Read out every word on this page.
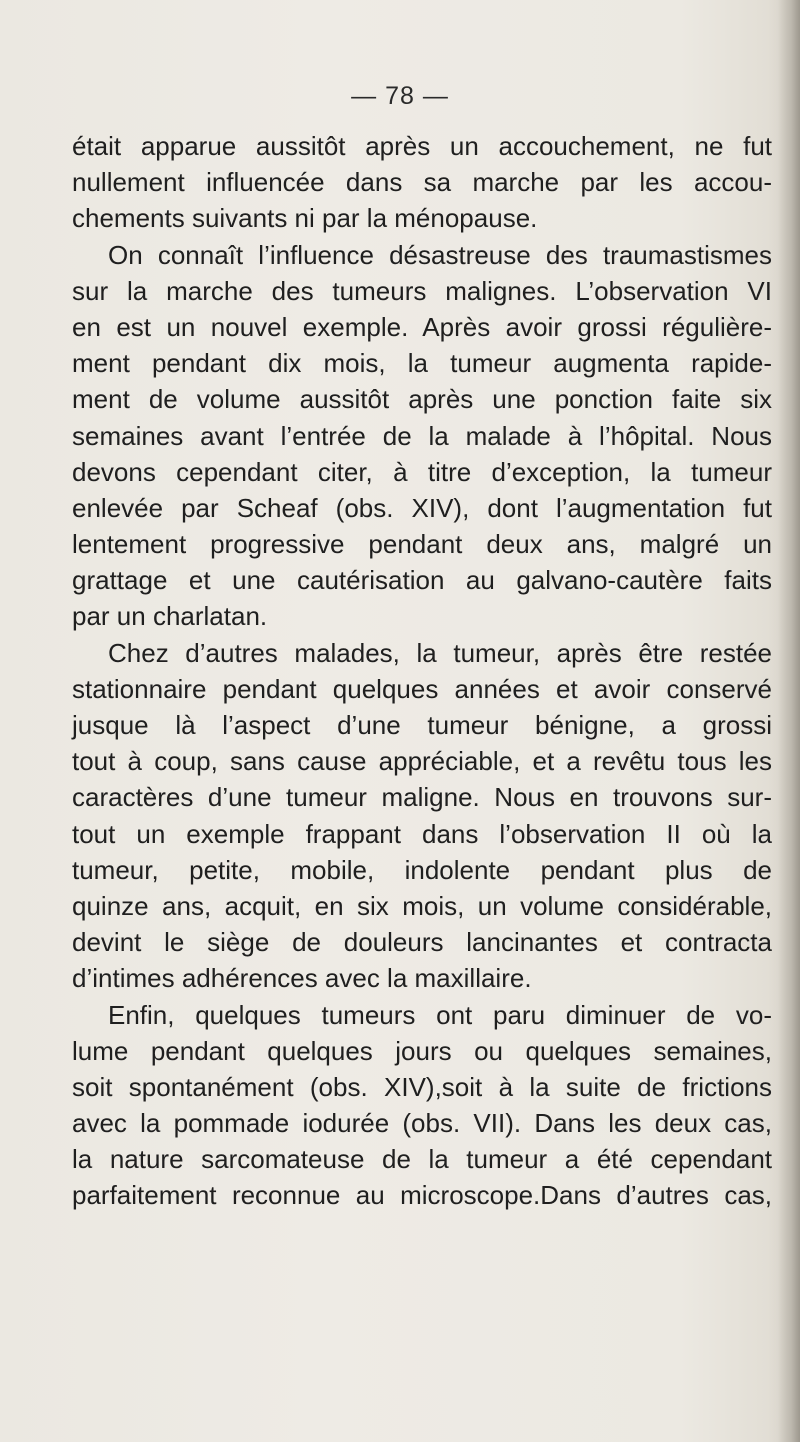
— 78 —
était apparue aussitôt après un accouchement, ne fut
nullement influencée dans sa marche par les accou-
chements suivants ni par la ménopause.
On connaît l’influence désastreuse des traumastismes
sur la marche des tumeurs malignes. L’observation VI
en est un nouvel exemple. Après avoir grossi régulière-
ment pendant dix mois, la tumeur augmenta rapide-
ment de volume aussitôt après une ponction faite six
semaines avant l’entrée de la malade à l’hôpital. Nous
devons cependant citer, à titre d’exception, la tumeur
enlevée par Scheaf (obs. XIV), dont l’augmentation fut
lentement progressive pendant deux ans, malgré un
grattage et une cautérisation au galvano-cautère faits
par un charlatan.
Chez d’autres malades, la tumeur, après être restée
stationnaire pendant quelques années et avoir conservé
jusque là l’aspect d’une tumeur bénigne, a grossi
tout à coup, sans cause appréciable, et a revêtu tous les
caractères d’une tumeur maligne. Nous en trouvons sur-
tout un exemple frappant dans l’observation II où la
tumeur, petite, mobile, indolente pendant plus de
quinze ans, acquit, en six mois, un volume considérable,
devint le siège de douleurs lancinantes et contracta
d’intimes adhérences avec la maxillaire.
Enfin, quelques tumeurs ont paru diminuer de vo-
lume pendant quelques jours ou quelques semaines,
soit spontanément (obs. XIV),soit à la suite de frictions
avec la pommade iodurée (obs. VII). Dans les deux cas,
la nature sarcomateuse de la tumeur a été cependant
parfaitement reconnue au microscope.Dans d’autres cas,
